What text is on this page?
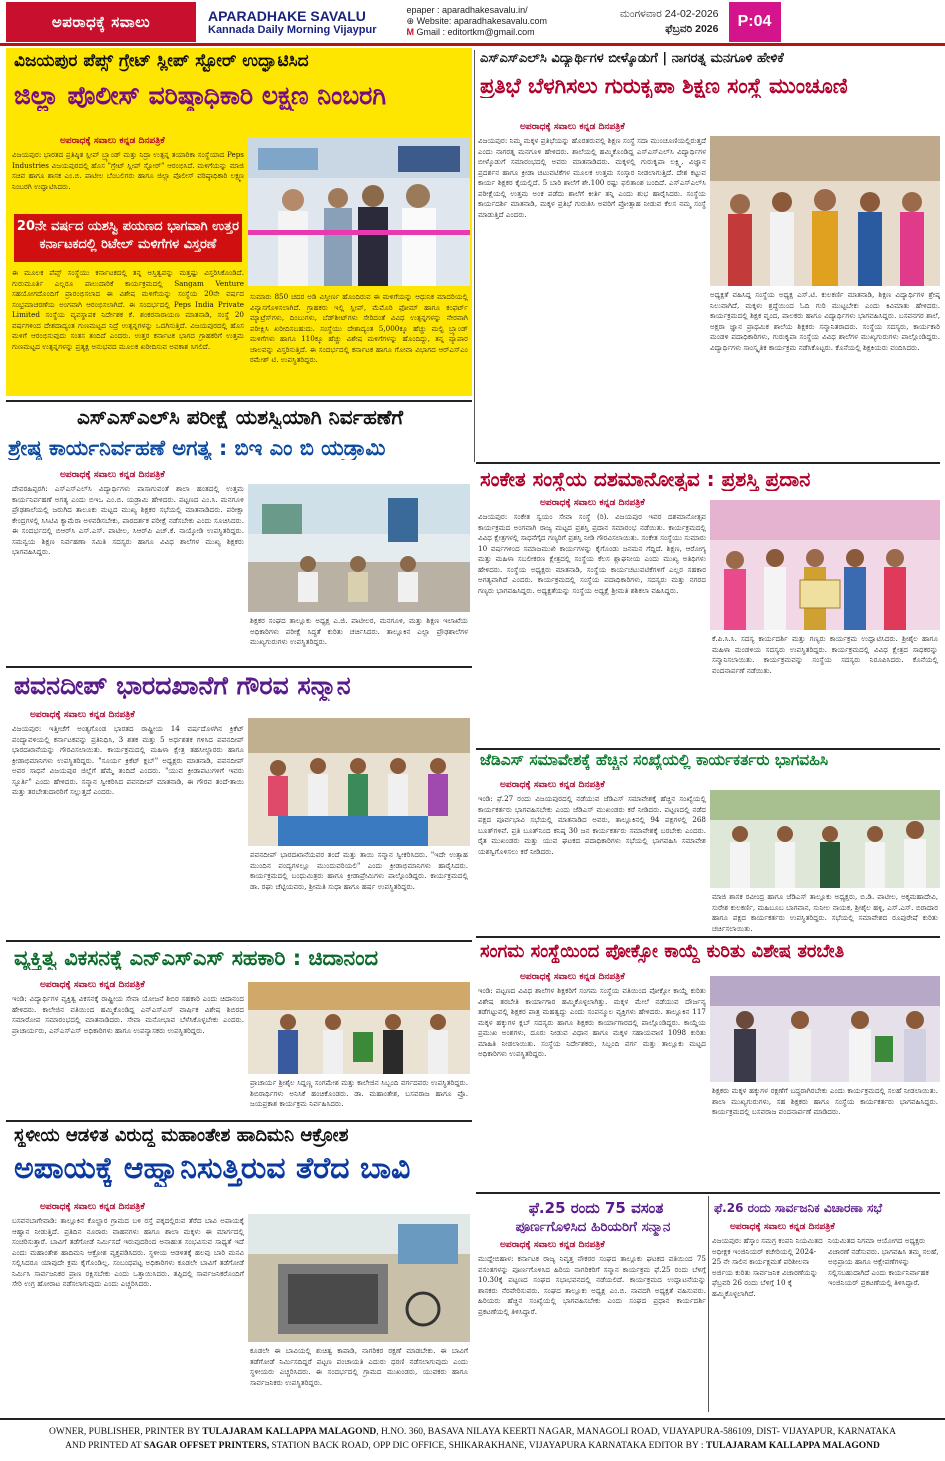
ಅಪರಾಧಕ್ಕೆ ಸವಾಲು	APARADHAKE SAVALU
Kannada Daily Morning Vijaypur
epaper : aparadhakesavalu.in/
⊕ Website: aparadhakesavalu.com
M Gmail : editortkm@gmail.com
ಮಂಗಳವಾರ 24-02-2026
ಫೆಬ್ರವರಿ 2026	P:04
ವಿಜಯಪುರ ಪೆಪ್ಸ್ ಗ್ರೇಟ್ ಸ್ಲೀಪ್ ಸ್ಟೋರ್ ಉದ್ಘಾಟಿಸಿದ
ಜಿಲ್ಲಾ ಪೊಲೀಸ್ ವರಿಷ್ಠಾಧಿಕಾರಿ ಲಕ್ಷ್ಮಣ ನಿಂಬರಗಿ
ಅಪರಾಧಕ್ಕೆ ಸವಾಲು ಕನ್ನಡ ದಿನಪತ್ರಿಕೆ
ವಿಜಯಪುರ: ಭಾರತದ ಪ್ರತಿಷ್ಠಿತ ಸ್ಲೀಪ್ ಬ್ರ್ಯಾಂಡ್ ಮತ್ತು ನಿದ್ರಾ ಉತ್ಪನ್ನ ತಯಾರಿಕಾ ಸಂಸ್ಥೆಯಾದ Peps Industries ವಿಜಯಪುರದಲ್ಲಿ ಹೊಸ "ಗ್ರೇಟ್ ಸ್ಲೀಪ್ ಸ್ಟೋರ್" ಆರಂಭಿಸಿದೆ. ಮಳಿಗೆಯನ್ನು ಮಾಜಿ ಸಚಿವ ಹಾಗೂ ಶಾಸಕ ಎಂ.ಬಿ. ಪಾಟೀಲ ಬೆಂಬಲಿಗರು ಹಾಗೂ ಜಿಲ್ಲಾ ಪೊಲೀಸ್ ವರಿಷ್ಠಾಧಿಕಾರಿ ಲಕ್ಷ್ಮಣ ನಿಂಬರಗಿ ಉದ್ಘಾಟಿಸಿದರು.
20ನೇ ವರ್ಷದ ಯಶಸ್ವಿ ಪಯಣದ ಭಾಗವಾಗಿ ಉತ್ತರ ಕರ್ನಾಟಕದಲ್ಲಿ ರಿಟೇಲ್ ಮಳಿಗೆಗಳ ವಿಸ್ತರಣೆ
ಈ ಮೂಲಕ ಪೆಪ್ಸ್ ಸಂಸ್ಥೆಯು ಕರ್ನಾಟಕದಲ್ಲಿ ತನ್ನ ಅಸ್ತಿತ್ವವನ್ನು ಮತ್ತಷ್ಟು ವಿಸ್ತರಿಸಿಕೊಂಡಿದೆ. ಗುರುಮೂರ್ತಿ ಎಲ್ಲರೂ ಪಾಲುದಾರಿಕೆ ಕಾರ್ಯಕ್ರಮದಲ್ಲಿ Sangam Venture ಸಹಯೋಗದೊಂದಿಗೆ ಪ್ರಾರಂಭಿಸಲಾದ ಈ ವಿಶೇಷ ಮಳಿಗೆಯನ್ನು ಸಂಸ್ಥೆಯ 20ನೇ ವರ್ಷದ ಸಂಭ್ರಮಾಚರಣೆಯ ಅಂಗವಾಗಿ ಆರಂಭಿಸಲಾಗಿದೆ. ಈ ಸಂದರ್ಭದಲ್ಲಿ Peps India Private Limited ಸಂಸ್ಥೆಯ ವ್ಯವಸ್ಥಾಪಕ ನಿರ್ದೇಶಕ ಕೆ. ಶಂಕರನಾರಾಯಣ ಮಾತನಾಡಿ, ಸಂಸ್ಥೆ 20 ವರ್ಷಗಳಿಂದ ದೇಶದಾದ್ಯಂತ ಗುಣಮಟ್ಟದ ನಿದ್ರೆ ಉತ್ಪನ್ನಗಳನ್ನು ಒದಗಿಸುತ್ತಿದೆ. ವಿಜಯಪುರದಲ್ಲಿ ಹೊಸ ಮಳಿಗೆ ಆರಂಭಿಸುವುದು ಸಂತಸ ತಂದಿದೆ ಎಂದರು. ಉತ್ತರ ಕರ್ನಾಟಕ ಭಾಗದ ಗ್ರಾಹಕರಿಗೆ ಉತ್ತಮ ಗುಣಮಟ್ಟದ ಉತ್ಪನ್ನಗಳನ್ನು ಪ್ರತ್ಯಕ್ಷ ಅನುಭವದ ಮೂಲಕ ಖರೀದಿಸುವ ಅವಕಾಶ ಸಿಗಲಿದೆ.
ಸುಮಾರು 850 ಚದರ ಅಡಿ ವಿಸ್ತೀರ್ಣ ಹೊಂದಿರುವ ಈ ಮಳಿಗೆಯನ್ನು ಆಧುನಿಕ ಮಾದರಿಯಲ್ಲಿ ವಿನ್ಯಾಸಗೊಳಿಸಲಾಗಿದೆ. ಗ್ರಾಹಕರು ಇಲ್ಲಿ ಸ್ಲೀಪ್, ಮೆಮೊರಿ ಫೋಮ್ ಹಾಗೂ ಕಂಫರ್ಟ್ ಮ್ಯಾಟ್ರೆಸ್‌ಗಳು, ದಿಂಬುಗಳು, ಬೆಡ್‌ಶೀಟ್‌ಗಳು ಸೇರಿದಂತೆ ವಿವಿಧ ಉತ್ಪನ್ನಗಳನ್ನು ನೇರವಾಗಿ ಪರೀಕ್ಷಿಸಿ ಖರೀದಿಸಬಹುದು. ಸಂಸ್ಥೆಯು ದೇಶಾದ್ಯಂತ 5,000ಕ್ಕೂ ಹೆಚ್ಚು ಮಲ್ಟಿ ಬ್ರ್ಯಾಂಡ್ ಮಳಿಗೆಗಳು ಹಾಗೂ 110ಕ್ಕೂ ಹೆಚ್ಚು ವಿಶೇಷ ಮಳಿಗೆಗಳನ್ನು ಹೊಂದಿದ್ದು, ತನ್ನ ವ್ಯಾಪಾರ ಜಾಲವನ್ನು ವಿಸ್ತರಿಸುತ್ತಿದೆ. ಈ ಸಂದರ್ಭದಲ್ಲಿ ಕರ್ನಾಟಕ ಹಾಗೂ ಗೋವಾ ವಿಭಾಗದ ಆರ್‌ಎಸ್‌ಎಂ ರಮೇಶ್ ಟಿ. ಉಪಸ್ಥಿತರಿದ್ದರು.
ಎಸ್‌ಎಸ್‌ಎಲ್‌ಸಿ ವಿದ್ಯಾರ್ಥಿಗಳ ಬೀಳ್ಕೊಡುಗೆ | ನಾಗರತ್ನ ಮನಗೂಳಿ ಹೇಳಿಕೆ
ಪ್ರತಿಭೆ ಬೆಳಗಿಸಲು ಗುರುಕೃಪಾ ಶಿಕ್ಷಣ ಸಂಸ್ಥೆ ಮುಂಚೂಣಿ
ಅಪರಾಧಕ್ಕೆ ಸವಾಲು ಕನ್ನಡ ದಿನಪತ್ರಿಕೆ
ವಿಜಯಪುರ: ನಿಮ್ಮ ಮಕ್ಕಳ ಪ್ರತಿಭೆಯನ್ನು ಹೊರತರುವಲ್ಲಿ ಶಿಕ್ಷಣ ಸಂಸ್ಥೆ ಸದಾ ಮುಂಚೂಣಿಯಲ್ಲಿರುತ್ತದೆ ಎಂದು ನಾಗರತ್ನ ಮನಗೂಳಿ ಹೇಳಿದರು. ಶಾಲೆಯಲ್ಲಿ ಹಮ್ಮಿಕೊಂಡಿದ್ದ ಎಸ್‌ಎಸ್‌ಎಲ್‌ಸಿ ವಿದ್ಯಾರ್ಥಿಗಳ ಬೀಳ್ಕೊಡುಗೆ ಸಮಾರಂಭದಲ್ಲಿ ಅವರು ಮಾತನಾಡಿದರು. ಮಕ್ಕಳಲ್ಲಿ ಗುರುಕೃಪಾ ಲಕ್ಷ್ಮಿ, ವಿಜ್ಞಾನ ಪ್ರದರ್ಶನ ಹಾಗೂ ಕ್ರೀಡಾ ಚಟುವಟಿಕೆಗಳ ಮೂಲಕ ಉತ್ತಮ ಸಂಸ್ಕಾರ ನೀಡಲಾಗುತ್ತಿದೆ. ದೇಶ ಕಟ್ಟುವ ಕಾರ್ಯ ಶಿಕ್ಷಕರ ಕೈಯಲ್ಲಿದೆ. 5 ಬಾರಿ ಶಾಲೆಗೆ ಶೇ.100 ರಷ್ಟು ಫಲಿತಾಂಶ ಬಂದಿದೆ. ಎಸ್‌ಎಸ್‌ಎಲ್‌ಸಿ ಪರೀಕ್ಷೆಯಲ್ಲಿ ಉತ್ತಮ ಅಂಕ ಪಡೆದು ಶಾಲೆಗೆ ಕೀರ್ತಿ ತನ್ನಿ ಎಂದು ಶುಭ ಹಾರೈಸಿದರು. ಸಂಸ್ಥೆಯ ಕಾರ್ಯದರ್ಶಿ ಮಾತನಾಡಿ, ಮಕ್ಕಳ ಪ್ರತಿಭೆ ಗುರುತಿಸಿ ಅವರಿಗೆ ಪ್ರೋತ್ಸಾಹ ನೀಡುವ ಕೆಲಸ ನಮ್ಮ ಸಂಸ್ಥೆ ಮಾಡುತ್ತಿದೆ ಎಂದರು.
ಅಧ್ಯಕ್ಷತೆ ವಹಿಸಿದ್ದ ಸಂಸ್ಥೆಯ ಅಧ್ಯಕ್ಷ ಎಸ್.ಟಿ. ಕುಲಕರ್ಣಿ ಮಾತನಾಡಿ, ಶಿಕ್ಷಣ ವಿದ್ಯಾರ್ಥಿಗಳ ಶ್ರೇಷ್ಠ ನಿಲುವಾಗಿದೆ, ಮಕ್ಕಳು ಶ್ರದ್ಧೆಯಿಂದ ಓದಿ ಗುರಿ ಮುಟ್ಟಬೇಕು ಎಂದು ಕಿವಿಮಾತು ಹೇಳಿದರು. ಕಾರ್ಯಕ್ರಮದಲ್ಲಿ ಶಿಕ್ಷಕ ವೃಂದ, ಪಾಲಕರು ಹಾಗೂ ವಿದ್ಯಾರ್ಥಿಗಳು ಭಾಗವಹಿಸಿದ್ದರು. ಬಸವನಗರ ಶಾಲೆ, ಅಕ್ಷರಾ ಜ್ಞಾನ ಪ್ರಾಥಮಿಕ ಶಾಲೆಯ ಶಿಕ್ಷಕರು ಸನ್ಮಾನಿತರಾದರು. ಸಂಸ್ಥೆಯ ಸದಸ್ಯರು, ಕಾರ್ಯಕಾರಿ ಮಂಡಳಿ ಪದಾಧಿಕಾರಿಗಳು, ಗುರುಕೃಪಾ ಸಂಸ್ಥೆಯ ವಿವಿಧ ಶಾಲೆಗಳ ಮುಖ್ಯಗುರುಗಳು ಪಾಲ್ಗೊಂಡಿದ್ದರು. ವಿದ್ಯಾರ್ಥಿಗಳು ಸಾಂಸ್ಕೃತಿಕ ಕಾರ್ಯಕ್ರಮ ನಡೆಸಿಕೊಟ್ಟರು. ಕೊನೆಯಲ್ಲಿ ಶಿಕ್ಷಕಿಯರು ವಂದಿಸಿದರು.
ಎಸ್‌ಎಸ್‌ಎಲ್‌ಸಿ ಪರೀಕ್ಷೆ ಯಶಸ್ವಿಯಾಗಿ ನಿರ್ವಹಣೆಗೆ
ಶ್ರೇಷ್ಠ ಕಾರ್ಯನಿರ್ವಹಣೆ ಅಗತ್ಯ : ಬಿಇ ಎಂ ಬಿ ಯಡ್ರಾಮಿ
ಅಪರಾಧಕ್ಕೆ ಸವಾಲು ಕನ್ನಡ ದಿನಪತ್ರಿಕೆ
ದೇವರಹಿಪ್ಪರಗಿ: ಎಸ್‌ಎಸ್‌ಎಲ್‌ಸಿ ವಿದ್ಯಾರ್ಥಿಗಳು ಪಾಸಾಗುವಂತೆ ಶಾಲಾ ಹಂತದಲ್ಲಿ ಉತ್ತಮ ಕಾರ್ಯನಿರ್ವಹಣೆ ಅಗತ್ಯ ಎಂದು ಬಿಇಒ ಎಂ.ಬಿ. ಯಡ್ರಾಮಿ ಹೇಳಿದರು. ಪಟ್ಟಣದ ಎಂ.ಸಿ. ಮನಗೂಳಿ ಪ್ರೌಢಶಾಲೆಯಲ್ಲಿ ಜರುಗಿದ ತಾಲೂಕು ಮಟ್ಟದ ಮುಖ್ಯ ಶಿಕ್ಷಕರ ಸಭೆಯಲ್ಲಿ ಮಾತನಾಡಿದರು. ಪರೀಕ್ಷಾ ಕೇಂದ್ರಗಳಲ್ಲಿ ಸಿಸಿಟಿವಿ ಕ್ಯಾಮೆರಾ ಅಳವಡಿಸಬೇಕು, ಪಾರದರ್ಶಕ ಪರೀಕ್ಷೆ ನಡೆಸಬೇಕು ಎಂದು ಸೂಚಿಸಿದರು. ಈ ಸಂದರ್ಭದಲ್ಲಿ ಬಿಆರ್‌ಸಿ ಎಸ್.ಎಸ್. ಪಾಟೀಲ, ಸಿಆರ್‌ಪಿ ಎಚ್.ಕೆ. ನಾಯ್ಕೋಡಿ ಉಪಸ್ಥಿತರಿದ್ದರು. ಸಮನ್ವಯ ಶಿಕ್ಷಣ ನಿರ್ವಹಣಾ ಸಮಿತಿ ಸದಸ್ಯರು ಹಾಗೂ ವಿವಿಧ ಶಾಲೆಗಳ ಮುಖ್ಯ ಶಿಕ್ಷಕರು ಭಾಗವಹಿಸಿದ್ದರು.
ಶಿಕ್ಷಕರ ಸಂಘದ ತಾಲ್ಲೂಕು ಅಧ್ಯಕ್ಷ ಎ.ಜಿ. ಪಾಟೀಲರ, ಮನಗೂಳಿ, ಮತ್ತು ಶಿಕ್ಷಣ ಇಲಾಖೆಯ ಅಧಿಕಾರಿಗಳು ಪರೀಕ್ಷೆ ಸಿದ್ಧತೆ ಕುರಿತು ಚರ್ಚಿಸಿದರು. ತಾಲ್ಲೂಕಿನ ಎಲ್ಲಾ ಪ್ರೌಢಶಾಲೆಗಳ ಮುಖ್ಯಗುರುಗಳು ಉಪಸ್ಥಿತರಿದ್ದರು.
ಸಂಕೇತ ಸಂಸ್ಥೆಯ ದಶಮಾನೋತ್ಸವ : ಪ್ರಶಸ್ತಿ ಪ್ರದಾನ
ಅಪರಾಧಕ್ಕೆ ಸವಾಲು ಕನ್ನಡ ದಿನಪತ್ರಿಕೆ
ವಿಜಯಪುರ: ಸಂಕೇತ ಸ್ವಯಂ ಸೇವಾ ಸಂಸ್ಥೆ (ರಿ). ವಿಜಯಪುರ ಇವರ ದಶಮಾನೋತ್ಸವ ಕಾರ್ಯಕ್ರಮದ ಅಂಗವಾಗಿ ರಾಜ್ಯ ಮಟ್ಟದ ಪ್ರಶಸ್ತಿ ಪ್ರದಾನ ಸಮಾರಂಭ ನಡೆಯಿತು. ಕಾರ್ಯಕ್ರಮದಲ್ಲಿ ವಿವಿಧ ಕ್ಷೇತ್ರಗಳಲ್ಲಿ ಸಾಧನೆಗೈದ ಗಣ್ಯರಿಗೆ ಪ್ರಶಸ್ತಿ ನೀಡಿ ಗೌರವಿಸಲಾಯಿತು. ಸಂಕೇತ ಸಂಸ್ಥೆಯು ಸುಮಾರು 10 ವರ್ಷಗಳಿಂದ ಸಮಾಜಮುಖಿ ಕಾರ್ಯಗಳನ್ನು ಕೈಗೊಂಡು ಜನಮನ ಗೆದ್ದಿದೆ. ಶಿಕ್ಷಣ, ಆರೋಗ್ಯ ಮತ್ತು ಮಹಿಳಾ ಸಬಲೀಕರಣ ಕ್ಷೇತ್ರದಲ್ಲಿ ಸಂಸ್ಥೆಯ ಕೆಲಸ ಶ್ಲಾಘನೀಯ ಎಂದು ಮುಖ್ಯ ಅತಿಥಿಗಳು ಹೇಳಿದರು. ಸಂಸ್ಥೆಯ ಅಧ್ಯಕ್ಷರು ಮಾತನಾಡಿ, ಸಂಸ್ಥೆಯ ಕಾರ್ಯಚಟುವಟಿಕೆಗಳಿಗೆ ಎಲ್ಲರ ಸಹಕಾರ ಅಗತ್ಯವಾಗಿದೆ ಎಂದರು. ಕಾರ್ಯಕ್ರಮದಲ್ಲಿ ಸಂಸ್ಥೆಯ ಪದಾಧಿಕಾರಿಗಳು, ಸದಸ್ಯರು ಮತ್ತು ನಗರದ ಗಣ್ಯರು ಭಾಗವಹಿಸಿದ್ದರು. ಅಧ್ಯಕ್ಷತೆಯನ್ನು ಸಂಸ್ಥೆಯ ಅಧ್ಯಕ್ಷೆ ಶ್ರೀಮತಿ ಶಶಿಕಲಾ ವಹಿಸಿದ್ದರು.
ಕೆ.ಪಿ.ಸಿ.ಸಿ. ಸದಸ್ಯ ಕಾರ್ಯದರ್ಶಿ ಮತ್ತು ಗಣ್ಯರು ಕಾರ್ಯಕ್ರಮ ಉದ್ಘಾಟಿಸಿದರು. ಶ್ರೀಶೈಲ ಹಾಗೂ ಮಹಿಳಾ ಮಂಡಳಿಯ ಸದಸ್ಯರು ಉಪಸ್ಥಿತರಿದ್ದರು. ಕಾರ್ಯಕ್ರಮದಲ್ಲಿ ವಿವಿಧ ಕ್ಷೇತ್ರದ ಸಾಧಕರನ್ನು ಸನ್ಮಾನಿಸಲಾಯಿತು. ಕಾರ್ಯಕ್ರಮವನ್ನು ಸಂಸ್ಥೆಯ ಸದಸ್ಯರು ನಿರೂಪಿಸಿದರು. ಕೊನೆಯಲ್ಲಿ ವಂದನಾರ್ಪಣೆ ನಡೆಯಿತು.
ಪವನದೀಪ್ ಭಾರದಖಾನೆಗೆ ಗೌರವ ಸನ್ಮಾನ
ಅಪರಾಧಕ್ಕೆ ಸವಾಲು ಕನ್ನಡ ದಿನಪತ್ರಿಕೆ
ವಿಜಯಪುರ: ಇತ್ತೀಚೆಗೆ ಅಂತ್ಯಗೊಂಡ ಭಾರತದ ರಾಷ್ಟ್ರೀಯ 14 ವರ್ಷದೊಳಗಿನ ಕ್ರಿಕೆಟ್ ಪಂದ್ಯಾವಳಿಯಲ್ಲಿ ಕರ್ನಾಟಕವನ್ನು ಪ್ರತಿನಿಧಿಸಿ, 3 ಶತಕ ಮತ್ತು 5 ಅರ್ಧಶತಕ ಗಳಿಸಿದ ಪವನದೀಪ್ ಭಾರದಖಾನೆಯನ್ನು ಗೌರವಿಸಲಾಯಿತು. ಕಾರ್ಯಕ್ರಮದಲ್ಲಿ ಮಹಿಳಾ ಕ್ಷೇತ್ರ ತಹಸೀಲ್ದಾರರು ಹಾಗೂ ಕ್ರೀಡಾಭಿಮಾನಿಗಳು ಉಪಸ್ಥಿತರಿದ್ದರು. "ಸೂರ್ಯ ಕ್ರಿಕೆಟ್ ಕ್ಲಬ್" ಅಧ್ಯಕ್ಷರು ಮಾತನಾಡಿ, ಪವನದೀಪ್ ಅವರ ಸಾಧನೆ ವಿಜಯಪುರ ಜಿಲ್ಲೆಗೆ ಹೆಮ್ಮೆ ತಂದಿದೆ ಎಂದರು. "ಯುವ ಕ್ರೀಡಾಪಟುಗಳಿಗೆ ಇವರು ಸ್ಫೂರ್ತಿ" ಎಂದು ಹೇಳಿದರು. ಸನ್ಮಾನ ಸ್ವೀಕರಿಸಿದ ಪವನದೀಪ್ ಮಾತನಾಡಿ, ಈ ಗೌರವ ತಂದೆ-ತಾಯಿ ಮತ್ತು ತರಬೇತುದಾರರಿಗೆ ಸಲ್ಲುತ್ತದೆ ಎಂದರು.
ಪವನದೀಪ್ ಭಾರದಖಾನೆಯವರ ತಂದೆ ಮತ್ತು ತಾಯಿ ಸನ್ಮಾನ ಸ್ವೀಕರಿಸಿದರು. "ಇದೇ ಉತ್ಸಾಹ ಮುಂದಿನ ಪಂದ್ಯಗಳಲ್ಲೂ ಮುಂದುವರಿಯಲಿ" ಎಂದು ಕ್ರೀಡಾಭಿಮಾನಿಗಳು ಹಾರೈಸಿದರು. ಕಾರ್ಯಕ್ರಮದಲ್ಲಿ ಬಂಧುಮಿತ್ರರು ಹಾಗೂ ಕ್ರೀಡಾಪ್ರೇಮಿಗಳು ಪಾಲ್ಗೊಂಡಿದ್ದರು. ಕಾರ್ಯಕ್ರಮದಲ್ಲಿ ಡಾ. ರಘು ಚೆಟ್ಟಿಯವರು, ಶ್ರೀಮತಿ ಸುಧಾ ಹಾಗೂ ಹರ್ಷ ಉಪಸ್ಥಿತರಿದ್ದರು.
ಜೆಡಿಎಸ್ ಸಮಾವೇಶಕ್ಕೆ ಹೆಚ್ಚಿನ ಸಂಖ್ಯೆಯಲ್ಲಿ ಕಾರ್ಯಕರ್ತರು ಭಾಗವಹಿಸಿ
ಅಪರಾಧಕ್ಕೆ ಸವಾಲು ಕನ್ನಡ ದಿನಪತ್ರಿಕೆ
ಇಂಡಿ: ಫೆ.27 ರಂದು ವಿಜಯಪುರದಲ್ಲಿ ನಡೆಯುವ ಜೆಡಿಎಸ್ ಸಮಾವೇಶಕ್ಕೆ ಹೆಚ್ಚಿನ ಸಂಖ್ಯೆಯಲ್ಲಿ ಕಾರ್ಯಕರ್ತರು ಭಾಗವಹಿಸಬೇಕು ಎಂದು ಜೆಡಿಎಸ್ ಮುಖಂಡರು ಕರೆ ನೀಡಿದರು. ಪಟ್ಟಣದಲ್ಲಿ ನಡೆದ ಪಕ್ಷದ ಪೂರ್ವಭಾವಿ ಸಭೆಯಲ್ಲಿ ಮಾತನಾಡಿದ ಅವರು, ತಾಲ್ಲೂಕಿನಲ್ಲಿ 94 ಪಕ್ಷಗಳಲ್ಲಿ 268 ಬೂತ್‌ಗಳಿವೆ. ಪ್ರತಿ ಬೂತ್‌ನಿಂದ ಕನಿಷ್ಠ 30 ಜನ ಕಾರ್ಯಕರ್ತರು ಸಮಾವೇಶಕ್ಕೆ ಬರಬೇಕು ಎಂದರು. ರೈತ ಮುಖಂಡರು ಮತ್ತು ಯುವ ಘಟಕದ ಪದಾಧಿಕಾರಿಗಳು ಸಭೆಯಲ್ಲಿ ಭಾಗವಹಿಸಿ ಸಮಾವೇಶ ಯಶಸ್ವಿಗೊಳಿಸಲು ಕರೆ ನೀಡಿದರು.
ಮಾಜಿ ಶಾಸಕ ರವೀಂದ್ರ ಹಾಗೂ ಜೆಡಿಎಸ್ ತಾಲ್ಲೂಕು ಅಧ್ಯಕ್ಷರು, ಬಿ.ಡಿ. ಪಾಟೀಲ, ಅಕ್ಕಮಹಾದೇವಿ, ಸುರೇಶ ಕುಲಕರ್ಣಿ, ಮಹಿಬೂಬ ಬಾಗವಾನ, ಸುನೀಲ ನಾಯಕ, ಶ್ರೀಶೈಲ ಹಳ್ಳಿ, ಎಸ್.ಎಸ್. ಬಿರಾದಾರ ಹಾಗೂ ಪಕ್ಷದ ಕಾರ್ಯಕರ್ತರು ಉಪಸ್ಥಿತರಿದ್ದರು. ಸಭೆಯಲ್ಲಿ ಸಮಾವೇಶದ ರೂಪುರೇಷೆ ಕುರಿತು ಚರ್ಚಿಸಲಾಯಿತು.
ವ್ಯಕ್ತಿತ್ವ ವಿಕಸನಕ್ಕೆ ಎನ್‌ಎಸ್‌ಎಸ್ ಸಹಕಾರಿ : ಚಿದಾನಂದ
ಅಪರಾಧಕ್ಕೆ ಸವಾಲು ಕನ್ನಡ ದಿನಪತ್ರಿಕೆ
ಇಂಡಿ: ವಿದ್ಯಾರ್ಥಿಗಳ ವ್ಯಕ್ತಿತ್ವ ವಿಕಸನಕ್ಕೆ ರಾಷ್ಟ್ರೀಯ ಸೇವಾ ಯೋಜನೆ ಶಿಬಿರ ಸಹಕಾರಿ ಎಂದು ಚಿದಾನಂದ ಹೇಳಿದರು. ಕಾಲೇಜಿನ ವತಿಯಿಂದ ಹಮ್ಮಿಕೊಂಡಿದ್ದ ಎನ್‌ಎಸ್‌ಎಸ್ ವಾರ್ಷಿಕ ವಿಶೇಷ ಶಿಬಿರದ ಸಮಾರೋಪ ಸಮಾರಂಭದಲ್ಲಿ ಮಾತನಾಡಿದರು. ಸೇವಾ ಮನೋಭಾವ ಬೆಳೆಸಿಕೊಳ್ಳಬೇಕು ಎಂದರು. ಪ್ರಾಚಾರ್ಯರು, ಎನ್‌ಎಸ್‌ಎಸ್ ಅಧಿಕಾರಿಗಳು ಹಾಗೂ ಉಪನ್ಯಾಸಕರು ಉಪಸ್ಥಿತರಿದ್ದರು.
ಪ್ರಾಚಾರ್ಯ ಶ್ರೀಶೈಲ ಸಿದ್ದಣ್ಣ ಸಂಗಮೇಶ ಮತ್ತು ಕಾಲೇಜಿನ ಸಿಬ್ಬಂದಿ ವರ್ಗದವರು ಉಪಸ್ಥಿತರಿದ್ದರು. ಶಿಬಿರಾರ್ಥಿಗಳು ಅನಿಸಿಕೆ ಹಂಚಿಕೊಂಡರು. ಡಾ. ಮಹಾಂತೇಶ, ಬಸವರಾಜ ಹಾಗೂ ಪ್ರೊ. ಜಯಪ್ರಕಾಶ ಕಾರ್ಯಕ್ರಮ ನಿರ್ವಹಿಸಿದರು.
ಸಂಗಮ ಸಂಸ್ಥೆಯಿಂದ ಪೋಕ್ಸೋ ಕಾಯ್ದೆ ಕುರಿತು ವಿಶೇಷ ತರಬೇತಿ
ಅಪರಾಧಕ್ಕೆ ಸವಾಲು ಕನ್ನಡ ದಿನಪತ್ರಿಕೆ
ಇಂಡಿ: ಪಟ್ಟಣದ ವಿವಿಧ ಶಾಲೆಗಳ ಶಿಕ್ಷಕರಿಗೆ ಸಂಗಮ ಸಂಸ್ಥೆಯ ವತಿಯಿಂದ ಪೋಕ್ಸೋ ಕಾಯ್ದೆ ಕುರಿತು ವಿಶೇಷ ತರಬೇತಿ ಕಾರ್ಯಾಗಾರ ಹಮ್ಮಿಕೊಳ್ಳಲಾಗಿತ್ತು. ಮಕ್ಕಳ ಮೇಲೆ ನಡೆಯುವ ದೌರ್ಜನ್ಯ ತಡೆಗಟ್ಟುವಲ್ಲಿ ಶಿಕ್ಷಕರ ಪಾತ್ರ ಮಹತ್ವದ್ದು ಎಂದು ಸಂಪನ್ಮೂಲ ವ್ಯಕ್ತಿಗಳು ಹೇಳಿದರು. ತಾಲ್ಲೂಕಿನ 117 ಮಕ್ಕಳ ಹಕ್ಕುಗಳ ಕ್ಲಬ್ ಸದಸ್ಯರು ಹಾಗೂ ಶಿಕ್ಷಕರು ಕಾರ್ಯಾಗಾರದಲ್ಲಿ ಪಾಲ್ಗೊಂಡಿದ್ದರು. ಕಾಯ್ದೆಯ ಪ್ರಮುಖ ಅಂಶಗಳು, ದೂರು ನೀಡುವ ವಿಧಾನ ಹಾಗೂ ಮಕ್ಕಳ ಸಹಾಯವಾಣಿ 1098 ಕುರಿತು ಮಾಹಿತಿ ನೀಡಲಾಯಿತು. ಸಂಸ್ಥೆಯ ನಿರ್ದೇಶಕರು, ಸಿಬ್ಬಂದಿ ವರ್ಗ ಮತ್ತು ತಾಲ್ಲೂಕು ಮಟ್ಟದ ಅಧಿಕಾರಿಗಳು ಉಪಸ್ಥಿತರಿದ್ದರು.
ಶಿಕ್ಷಕರು ಮಕ್ಕಳ ಹಕ್ಕುಗಳ ರಕ್ಷಣೆಗೆ ಬದ್ಧರಾಗಿರಬೇಕು ಎಂದು ಕಾರ್ಯಕ್ರಮದಲ್ಲಿ ಸಲಹೆ ನೀಡಲಾಯಿತು. ಶಾಲಾ ಮುಖ್ಯಗುರುಗಳು, ಸಹ ಶಿಕ್ಷಕರು ಹಾಗೂ ಸಂಸ್ಥೆಯ ಕಾರ್ಯಕರ್ತರು ಭಾಗವಹಿಸಿದ್ದರು. ಕಾರ್ಯಕ್ರಮದಲ್ಲಿ ಬಸವರಾಜ ವಂದನಾರ್ಪಣೆ ಮಾಡಿದರು.
ಸ್ಥಳೀಯ ಆಡಳಿತ ವಿರುದ್ಧ ಮಹಾಂತೇಶ ಹಾದಿಮನಿ ಆಕ್ರೋಶ
ಅಪಾಯಕ್ಕೆ ಆಹ್ವಾನಿಸುತ್ತಿರುವ ತೆರೆದ ಬಾವಿ
ಅಪರಾಧಕ್ಕೆ ಸವಾಲು ಕನ್ನಡ ದಿನಪತ್ರಿಕೆ
ಬಸವನಬಾಗೇವಾಡಿ: ತಾಲ್ಲೂಕಿನ ಕೊಲ್ಹಾರ ಗ್ರಾಮದ ಬಳಿ ರಸ್ತೆ ಪಕ್ಕದಲ್ಲಿರುವ ತೆರೆದ ಬಾವಿ ಅಪಾಯಕ್ಕೆ ಆಹ್ವಾನ ನೀಡುತ್ತಿದೆ. ಪ್ರತಿದಿನ ನೂರಾರು ವಾಹನಗಳು ಹಾಗೂ ಶಾಲಾ ಮಕ್ಕಳು ಈ ಮಾರ್ಗದಲ್ಲಿ ಸಂಚರಿಸುತ್ತಾರೆ. ಬಾವಿಗೆ ತಡೆಗೋಡೆ ನಿರ್ಮಿಸದೆ ಇರುವುದರಿಂದ ಅನಾಹುತ ಸಂಭವಿಸುವ ಸಾಧ್ಯತೆ ಇದೆ ಎಂದು ಮಹಾಂತೇಶ ಹಾದಿಮನಿ ಆಕ್ರೋಶ ವ್ಯಕ್ತಪಡಿಸಿದರು. ಸ್ಥಳೀಯ ಆಡಳಿತಕ್ಕೆ ಹಲವು ಬಾರಿ ಮನವಿ ಸಲ್ಲಿಸಿದರೂ ಯಾವುದೇ ಕ್ರಮ ಕೈಗೊಂಡಿಲ್ಲ. ಸಂಬಂಧಪಟ್ಟ ಅಧಿಕಾರಿಗಳು ಕೂಡಲೇ ಬಾವಿಗೆ ತಡೆಗೋಡೆ ನಿರ್ಮಿಸಿ ಸಾರ್ವಜನಿಕರ ಪ್ರಾಣ ರಕ್ಷಿಸಬೇಕು ಎಂದು ಒತ್ತಾಯಿಸಿದರು. ತಪ್ಪಿದಲ್ಲಿ ಸಾರ್ವಜನಿಕರೊಂದಿಗೆ ಸೇರಿ ಉಗ್ರ ಹೋರಾಟ ನಡೆಸಲಾಗುವುದು ಎಂದು ಎಚ್ಚರಿಸಿದರು.
ಕೂಡಲೇ ಈ ಬಾವಿಯಲ್ಲಿ ಶುಚಿತ್ವ ಕಾಪಾಡಿ, ನಾಗರಿಕರ ರಕ್ಷಣೆ ಮಾಡಬೇಕು. ಈ ಬಾವಿಗೆ ತಡೆಗೋಡೆ ನಿರ್ಮಿಸದಿದ್ದರೆ ಪಟ್ಟಣ ಪಂಚಾಯತಿ ಎದುರು ಧರಣಿ ನಡೆಸಲಾಗುವುದು ಎಂದು ಸ್ಥಳೀಯರು ಎಚ್ಚರಿಸಿದರು. ಈ ಸಂದರ್ಭದಲ್ಲಿ ಗ್ರಾಮದ ಮುಖಂಡರು, ಯುವಕರು ಹಾಗೂ ಸಾರ್ವಜನಿಕರು ಉಪಸ್ಥಿತರಿದ್ದರು.
ಫೆ.25 ರಂದು 75 ವಸಂತ
ಪೂರ್ಣಗೊಳಿಸಿದ ಹಿರಿಯರಿಗೆ ಸನ್ಮಾನ
ಅಪರಾಧಕ್ಕೆ ಸವಾಲು ಕನ್ನಡ ದಿನಪತ್ರಿಕೆ
ಮುದ್ದೇಬಿಹಾಳ: ಕರ್ನಾಟಕ ರಾಜ್ಯ ನಿವೃತ್ತ ನೌಕರರ ಸಂಘದ ತಾಲ್ಲೂಕು ಘಟಕದ ವತಿಯಿಂದ 75 ವಸಂತಗಳನ್ನು ಪೂರ್ಣಗೊಳಿಸಿದ ಹಿರಿಯ ನಾಗರಿಕರಿಗೆ ಸನ್ಮಾನ ಕಾರ್ಯಕ್ರಮ ಫೆ.25 ರಂದು ಬೆಳಿಗ್ಗೆ 10.30ಕ್ಕೆ ಪಟ್ಟಣದ ಸಂಘದ ಸಭಾಭವನದಲ್ಲಿ ನಡೆಯಲಿದೆ. ಕಾರ್ಯಕ್ರಮದ ಉದ್ಘಾಟನೆಯನ್ನು ಶಾಸಕರು ನೆರವೇರಿಸುವರು. ಸಂಘದ ತಾಲ್ಲೂಕು ಅಧ್ಯಕ್ಷ ಎಂ.ಬಿ. ನಾವದಗಿ ಅಧ್ಯಕ್ಷತೆ ವಹಿಸುವರು. ಹಿರಿಯರು ಹೆಚ್ಚಿನ ಸಂಖ್ಯೆಯಲ್ಲಿ ಭಾಗವಹಿಸಬೇಕು ಎಂದು ಸಂಘದ ಪ್ರಧಾನ ಕಾರ್ಯದರ್ಶಿ ಪ್ರಕಟಣೆಯಲ್ಲಿ ತಿಳಿಸಿದ್ದಾರೆ.
ಫೆ.26 ರಂದು ಸಾರ್ವಜನಿಕ ವಿಚಾರಣಾ ಸಭೆ
ಅಪರಾಧಕ್ಕೆ ಸವಾಲು ಕನ್ನಡ ದಿನಪತ್ರಿಕೆ
ವಿಜಯಪುರ: ಹೆಸ್ಕಾಂ ಸಮಗ್ರ ಕಂಪನಿ ನಿಯಮಿತದ ಅಧೀಕ್ಷಕ ಇಂಜಿನಿಯರ್ ಕಚೇರಿಯಲ್ಲಿ 2024-25 ನೇ ಸಾಲಿನ ಕಾರ್ಯಕ್ಷಮತೆ ಪರಿಶೀಲನಾ ಅರ್ಜಿಯ ಕುರಿತು ಸಾರ್ವಜನಿಕ ವಿಚಾರಣೆಯನ್ನು ಫೆಬ್ರವರಿ 26 ರಂದು ಬೆಳಿಗ್ಗೆ 10 ಕ್ಕೆ ಹಮ್ಮಿಕೊಳ್ಳಲಾಗಿದೆ.
ನಿಯಮಿತದ ನಿಗಮಾ ಆಯೋಗದ ಅಧ್ಯಕ್ಷರು ವಿಚಾರಣೆ ನಡೆಸುವರು. ಭಾಗವಹಿಸಿ ತಮ್ಮ ಸಲಹೆ, ಅಭಿಪ್ರಾಯ ಹಾಗೂ ಆಕ್ಷೇಪಣೆಗಳನ್ನು ಸಲ್ಲಿಸಬಹುದಾಗಿದೆ ಎಂದು ಕಾರ್ಯನಿರ್ವಾಹಕ ಇಂಜಿನಿಯರ್ ಪ್ರಕಟಣೆಯಲ್ಲಿ ತಿಳಿಸಿದ್ದಾರೆ.
OWNER, PUBLISHER, PRINTER BY TULAJARAM KALLAPPA MALAGOND, H.NO. 360, BASAVA NILAYA KEERTI NAGAR, MANAGOLI ROAD, VIJAYAPURA-586109, DIST- VIJAYAPUR, KARNATAKA
AND PRINTED AT SAGAR OFFSET PRINTERS, STATION BACK ROAD, OPP DIC OFFICE, SHIKARAKHANE, VIJAYAPURA KARNATAKA EDITOR BY : TULAJARAM KALLAPPA MALAGOND
